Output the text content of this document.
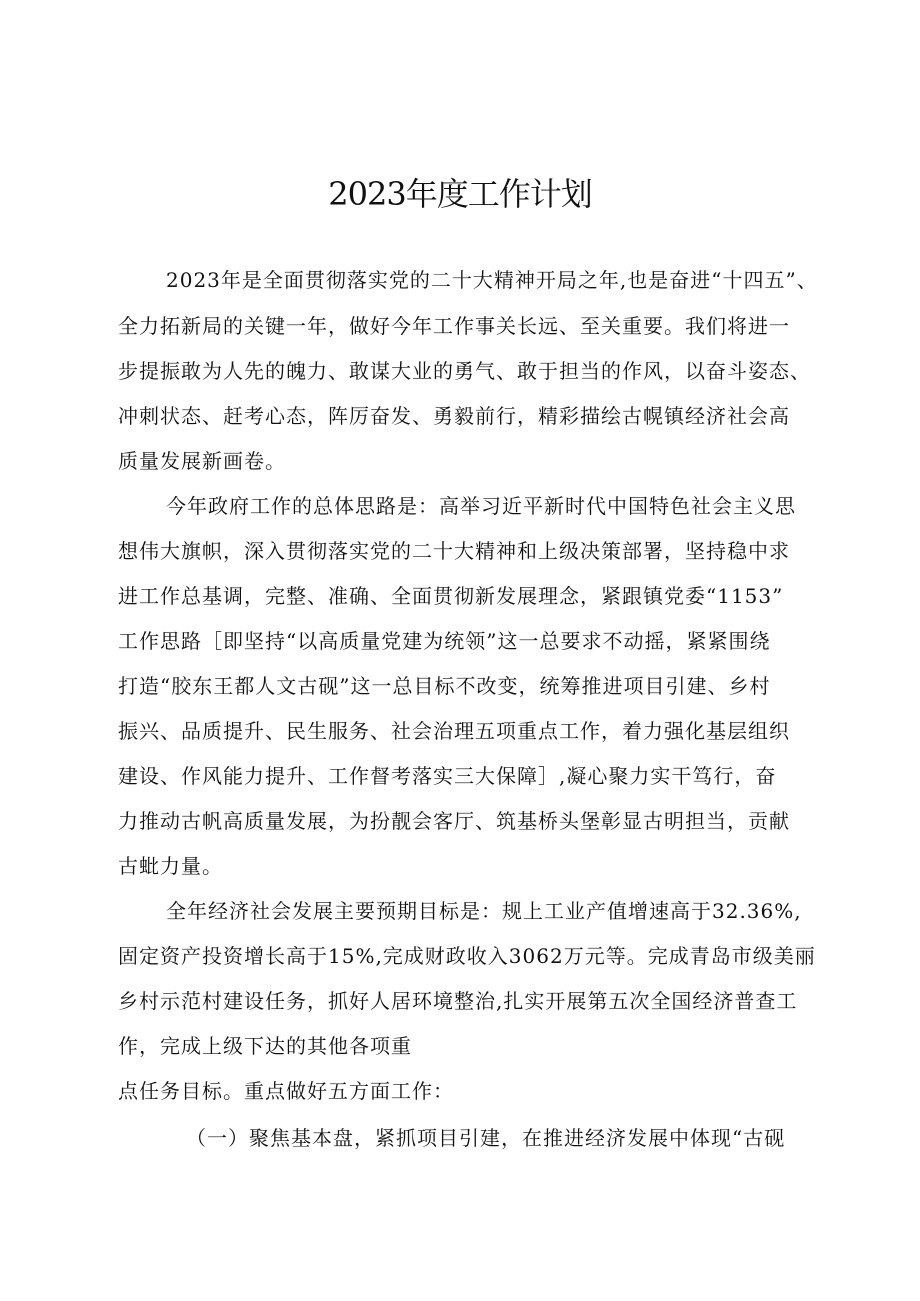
2023年度工作计划

2023年是全面贯彻落实党的二十大精神开局之年,也是奋进“十四五”、

全力拓新局的关键一年，做好今年工作事关长远、至关重要。我们将进一

步提振敢为人先的魄力、敢谋大业的勇气、敢于担当的作风，以奋斗姿态、

冲刺状态、赶考心态，阵厉奋发、勇毅前行，精彩描绘古幌镇经济社会高

质量发展新画卷。

今年政府工作的总体思路是：高举习近平新时代中国特色社会主义思

想伟大旗帜，深入贯彻落实党的二十大精神和上级决策部署，坚持稳中求

进工作总基调，完整、准确、全面贯彻新发展理念，紧跟镇党委“1153”

工作思路［即坚持“以高质量党建为统领”这一总要求不动摇，紧紧围绕

打造“胶东王都人文古砚”这一总目标不改变，统筹推进项目引建、乡村

振兴、品质提升、民生服务、社会治理五项重点工作，着力强化基层组织

建设、作风能力提升、工作督考落实三大保障］,凝心聚力实干笃行，奋

力推动古帆高质量发展，为扮靓会客厅、筑基桥头堡彰显古明担当，贡献

古蚍力量。

全年经济社会发展主要预期目标是：规上工业产值增速高于32.36%,

固定资产投资增长高于15%,完成财政收入3062万元等。完成青岛市级美丽

乡村示范村建设任务，抓好人居环境整治,扎实开展第五次全国经济普查工

作，完成上级下达的其他各项重

点任务目标。重点做好五方面工作：

（一）聚焦基本盘，紧抓项目引建，在推进经济发展中体现“古砚
